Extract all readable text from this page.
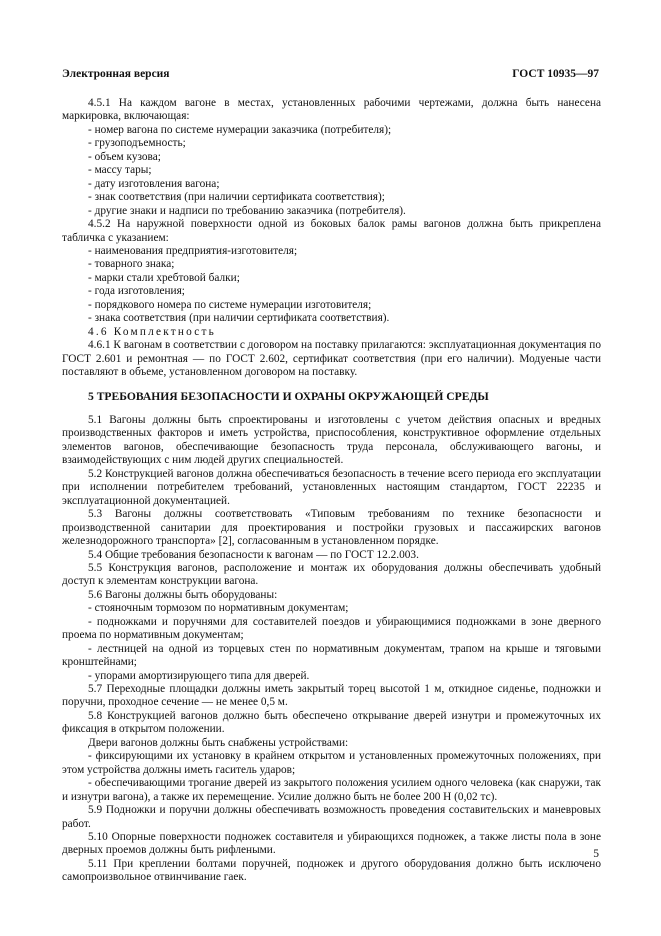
Электронная версия	ГОСТ 10935—97

4.5.1 На каждом вагоне в местах, установленных рабочими чертежами, должна быть нанесена маркировка, включающая:

- номер вагона по системе нумерации заказчика (потребителя);

- грузоподъемность;

- объем кузова;

- массу тары;

- дату изготовления вагона;

- знак соответствия (при наличии сертификата соответствия);

- другие знаки и надписи по требованию заказчика (потребителя).

4.5.2 На наружной поверхности одной из боковых балок рамы вагонов должна быть прикреплена табличка с указанием:

- наименования предприятия-изготовителя;

- товарного знака;

- марки стали хребтовой балки;

- года изготовления;

- порядкового номера по системе нумерации изготовителя;

- знака соответствия (при наличии сертификата соответствия).

4.6 Комплектность

4.6.1 К вагонам в соответствии с договором на поставку прилагаются: эксплуатационная документация по ГОСТ 2.601 и ремонтная — по ГОСТ 2.602, сертификат соответствия (при его наличии). Модуеные части поставляют в объеме, установленном договором на поставку.

5 ТРЕБОВАНИЯ БЕЗОПАСНОСТИ И ОХРАНЫ ОКРУЖАЮЩЕЙ СРЕДЫ

5.1 Вагоны должны быть спроектированы и изготовлены с учетом действия опасных и вредных производственных факторов и иметь устройства, приспособления, конструктивное оформление отдельных элементов вагонов, обеспечивающие безопасность труда персонала, обслуживающего вагоны, и взаимодействующих с ним людей других специальностей.

5.2 Конструкцией вагонов должна обеспечиваться безопасность в течение всего периода его эксплуатации при исполнении потребителем требований, установленных настоящим стандартом, ГОСТ 22235 и эксплуатационной документацией.

5.3 Вагоны должны соответствовать «Типовым требованиям по технике безопасности и производственной санитарии для проектирования и постройки грузовых и пассажирских вагонов железнодорожного транспорта» [2], согласованным в установленном порядке.

5.4 Общие требования безопасности к вагонам — по ГОСТ 12.2.003.

5.5 Конструкция вагонов, расположение и монтаж их оборудования должны обеспечивать удобный доступ к элементам конструкции вагона.

5.6 Вагоны должны быть оборудованы:

- стояночным тормозом по нормативным документам;

- подножками и поручнями для составителей поездов и убирающимися подножками в зоне дверного проема по нормативным документам;

- лестницей на одной из торцевых стен по нормативным документам, трапом на крыше и тяговыми кронштейнами;

- упорами амортизирующего типа для дверей.

5.7 Переходные площадки должны иметь закрытый торец высотой 1 м, откидное сиденье, подножки и поручни, проходное сечение — не менее 0,5 м.

5.8 Конструкцией вагонов должно быть обеспечено открывание дверей изнутри и промежуточных их фиксация в открытом положении.

Двери вагонов должны быть снабжены устройствами:

- фиксирующими их установку в крайнем открытом и установленных промежуточных положениях, при этом устройства должны иметь гаситель ударов;

- обеспечивающими трогание дверей из закрытого положения усилием одного человека (как снаружи, так и изнутри вагона), а также их перемещение. Усилие должно быть не более 200 Н (0,02 тс).

5.9 Подножки и поручни должны обеспечивать возможность проведения составительских и маневровых работ.

5.10 Опорные поверхности подножек составителя и убирающихся подножек, а также листы пола в зоне дверных проемов должны быть рифлеными.

5.11 При креплении болтами поручней, подножек и другого оборудования должно быть исключено самопроизвольное отвинчивание гаек.

5
